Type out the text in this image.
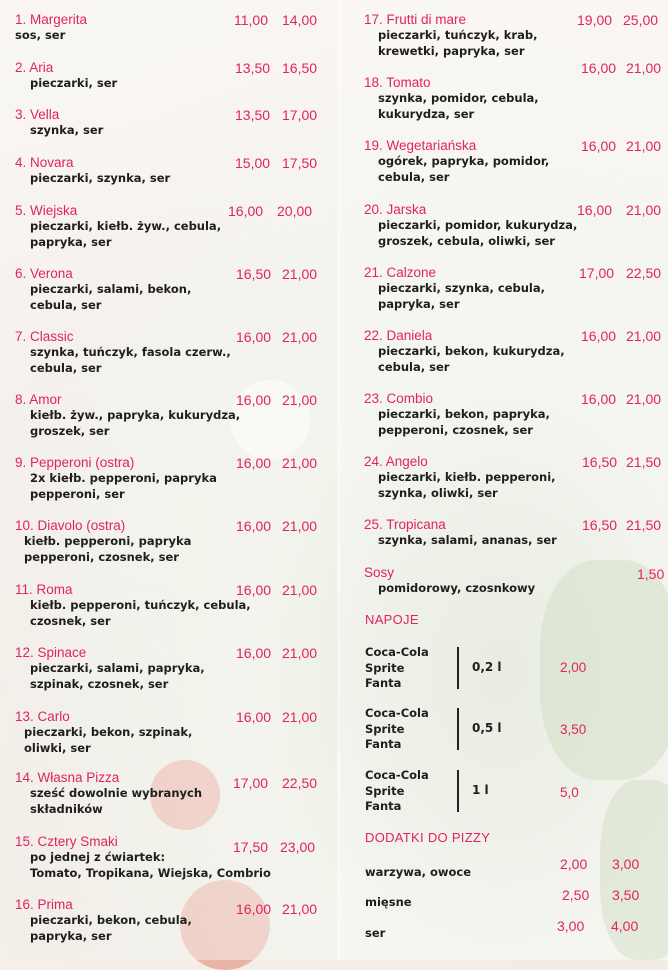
1. Margerita
sos, ser
11,00 14,00
2. Aria
pieczarki, ser
13,50 16,50
3. Vella
szynka, ser
13,50 17,00
4. Novara
pieczarki, szynka, ser
15,00 17,50
5. Wiejska
pieczarki, kiełb. żyw., cebula,
papryka, ser
16,00 20,00
6. Verona
pieczarki, salami, bekon,
cebula, ser
16,50 21,00
7. Classic
szynka, tuńczyk, fasola czerw.,
cebula, ser
16,00 21,00
8. Amor
kiełb. żyw., papryka, kukurydza,
groszek, ser
16,00 21,00
9. Pepperoni (ostra)
2x kiełb. pepperoni, papryka
pepperoni, ser
16,00 21,00
10. Diavolo (ostra)
kiełb. pepperoni, papryka
pepperoni, czosnek, ser
16,00 21,00
11. Roma
kiełb. pepperoni, tuńczyk, cebula,
czosnek, ser
16,00 21,00
12. Spinace
pieczarki, salami, papryka,
szpinak, czosnek, ser
16,00 21,00
13. Carlo
pieczarki, bekon, szpinak,
oliwki, ser
16,00 21,00
14. Własna Pizza
sześć dowolnie wybranych
składników
17,00 22,50
15. Cztery Smaki
po jednej z ćwiartek:
Tomato, Tropikana, Wiejska, Combrio
17,50 23,00
16. Prima
pieczarki, bekon, cebula,
papryka, ser
16,00 21,00
17. Frutti di mare
pieczarki, tuńczyk, krab,
krewetki, papryka, ser
19,00 25,00
18. Tomato
szynka, pomidor, cebula,
kukurydza, ser
16,00 21,00
19. Wegetariańska
ogórek, papryka, pomidor,
cebula, ser
16,00 21,00
20. Jarska
pieczarki, pomidor, kukurydza,
groszek, cebula, oliwki, ser
16,00 21,00
21. Calzone
pieczarki, szynka, cebula,
papryka, ser
17,00 22,50
22. Daniela
pieczarki, bekon, kukurydza,
cebula, ser
16,00 21,00
23. Combio
pieczarki, bekon, papryka,
pepperoni, czosnek, ser
16,00 21,00
24. Angelo
pieczarki, kiełb. pepperoni,
szynka, oliwki, ser
16,50 21,50
25. Tropicana
szynka, salami, ananas, ser
16,50 21,50
Sosy
pomidorowy, czosnkowy
1,50
NAPOJE
Coca-Cola
Sprite
Fanta
0,2 l	2,00
Coca-Cola
Sprite
Fanta
0,5 l	3,50
Coca-Cola
Sprite
Fanta
1 l	5,0
DODATKI DO PIZZY
warzywa, owoce	2,00 3,00
mięsne	2,50 3,50
ser	3,00 4,00
